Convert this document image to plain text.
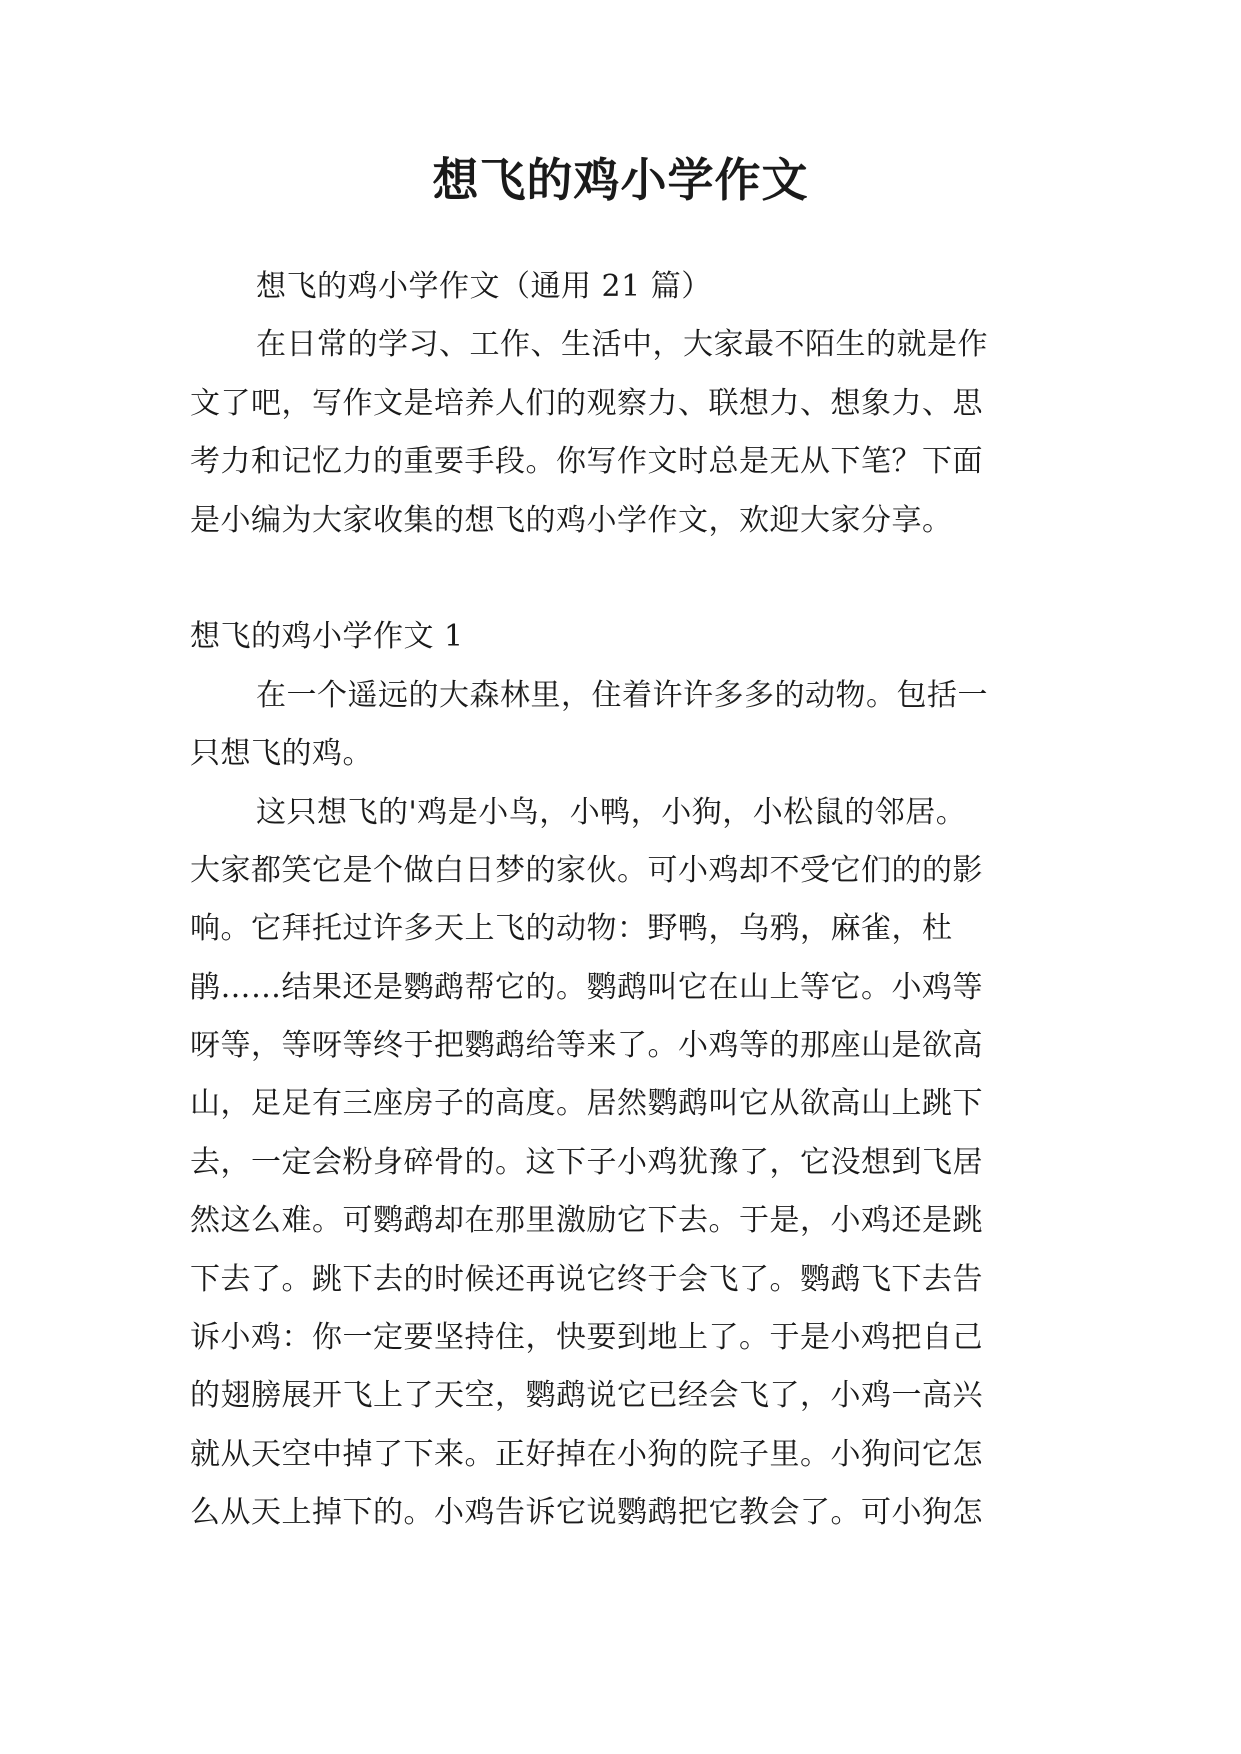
想飞的鸡小学作文
想飞的鸡小学作文（通用 21 篇）
在日常的学习、工作、生活中，大家最不陌生的就是作
文了吧，写作文是培养人们的观察力、联想力、想象力、思
考力和记忆力的重要手段。你写作文时总是无从下笔？下面
是小编为大家收集的想飞的鸡小学作文，欢迎大家分享。
想飞的鸡小学作文 1
在一个遥远的大森林里，住着许许多多的动物。包括一
只想飞的鸡。
这只想飞的'鸡是小鸟，小鸭，小狗，小松鼠的邻居。
大家都笑它是个做白日梦的家伙。可小鸡却不受它们的的影
响。它拜托过许多天上飞的动物：野鸭，乌鸦，麻雀，杜
鹃……结果还是鹦鹉帮它的。鹦鹉叫它在山上等它。小鸡等
呀等，等呀等终于把鹦鹉给等来了。小鸡等的那座山是欲高
山，足足有三座房子的高度。居然鹦鹉叫它从欲高山上跳下
去，一定会粉身碎骨的。这下子小鸡犹豫了，它没想到飞居
然这么难。可鹦鹉却在那里激励它下去。于是，小鸡还是跳
下去了。跳下去的时候还再说它终于会飞了。鹦鹉飞下去告
诉小鸡：你一定要坚持住，快要到地上了。于是小鸡把自己
的翅膀展开飞上了天空，鹦鹉说它已经会飞了，小鸡一高兴
就从天空中掉了下来。正好掉在小狗的院子里。小狗问它怎
么从天上掉下的。小鸡告诉它说鹦鹉把它教会了。可小狗怎
